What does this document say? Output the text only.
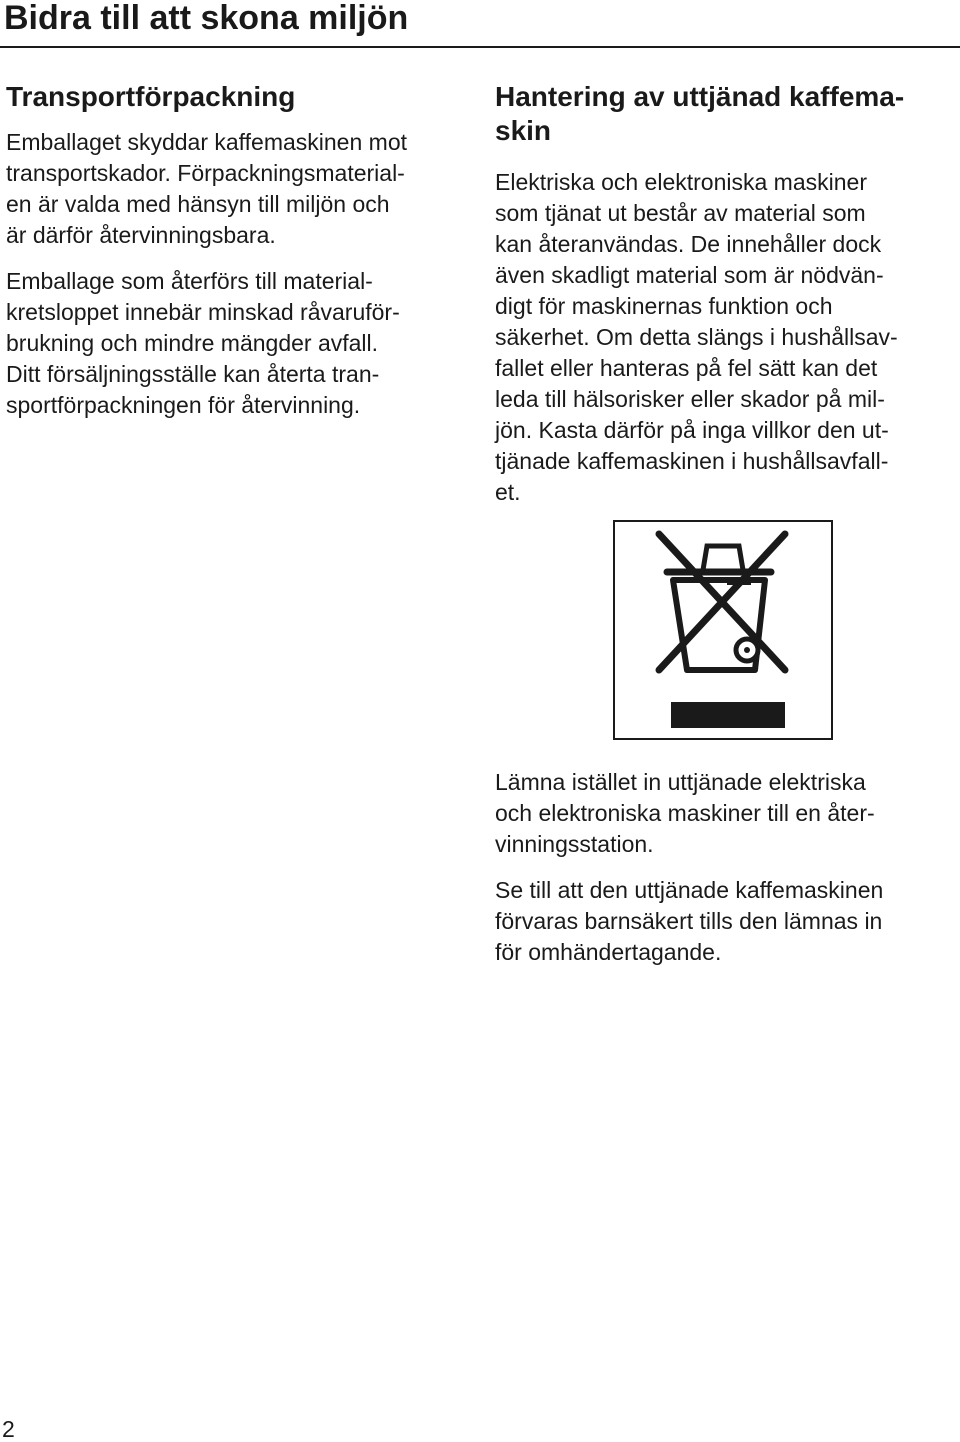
Bidra till att skona miljön
Transportförpackning
Emballaget skyddar kaffemaskinen mot
transportskador. Förpackningsmaterial-
en är valda med hänsyn till miljön och
är därför återvinningsbara.
Emballage som återförs till material-
kretsloppet innebär minskad råvaruför-
brukning och mindre mängder avfall.
Ditt försäljningsställe kan återta tran-
sportförpackningen för återvinning.
Hantering av uttjänad kaffema-
skin
Elektriska och elektroniska maskiner
som tjänat ut består av material som
kan återanvändas. De innehåller dock
även skadligt material som är nödvän-
digt för maskinernas funktion och
säkerhet. Om detta slängs i hushållsav-
fallet eller hanteras på fel sätt kan det
leda till hälsorisker eller skador på mil-
jön. Kasta därför på inga villkor den ut-
tjänade kaffemaskinen i hushållsavfall-
et.
Lämna istället in uttjänade elektriska
och elektroniska maskiner till en åter-
vinningsstation.
Se till att den uttjänade kaffemaskinen
förvaras barnsäkert tills den lämnas in
för omhändertagande.
2
